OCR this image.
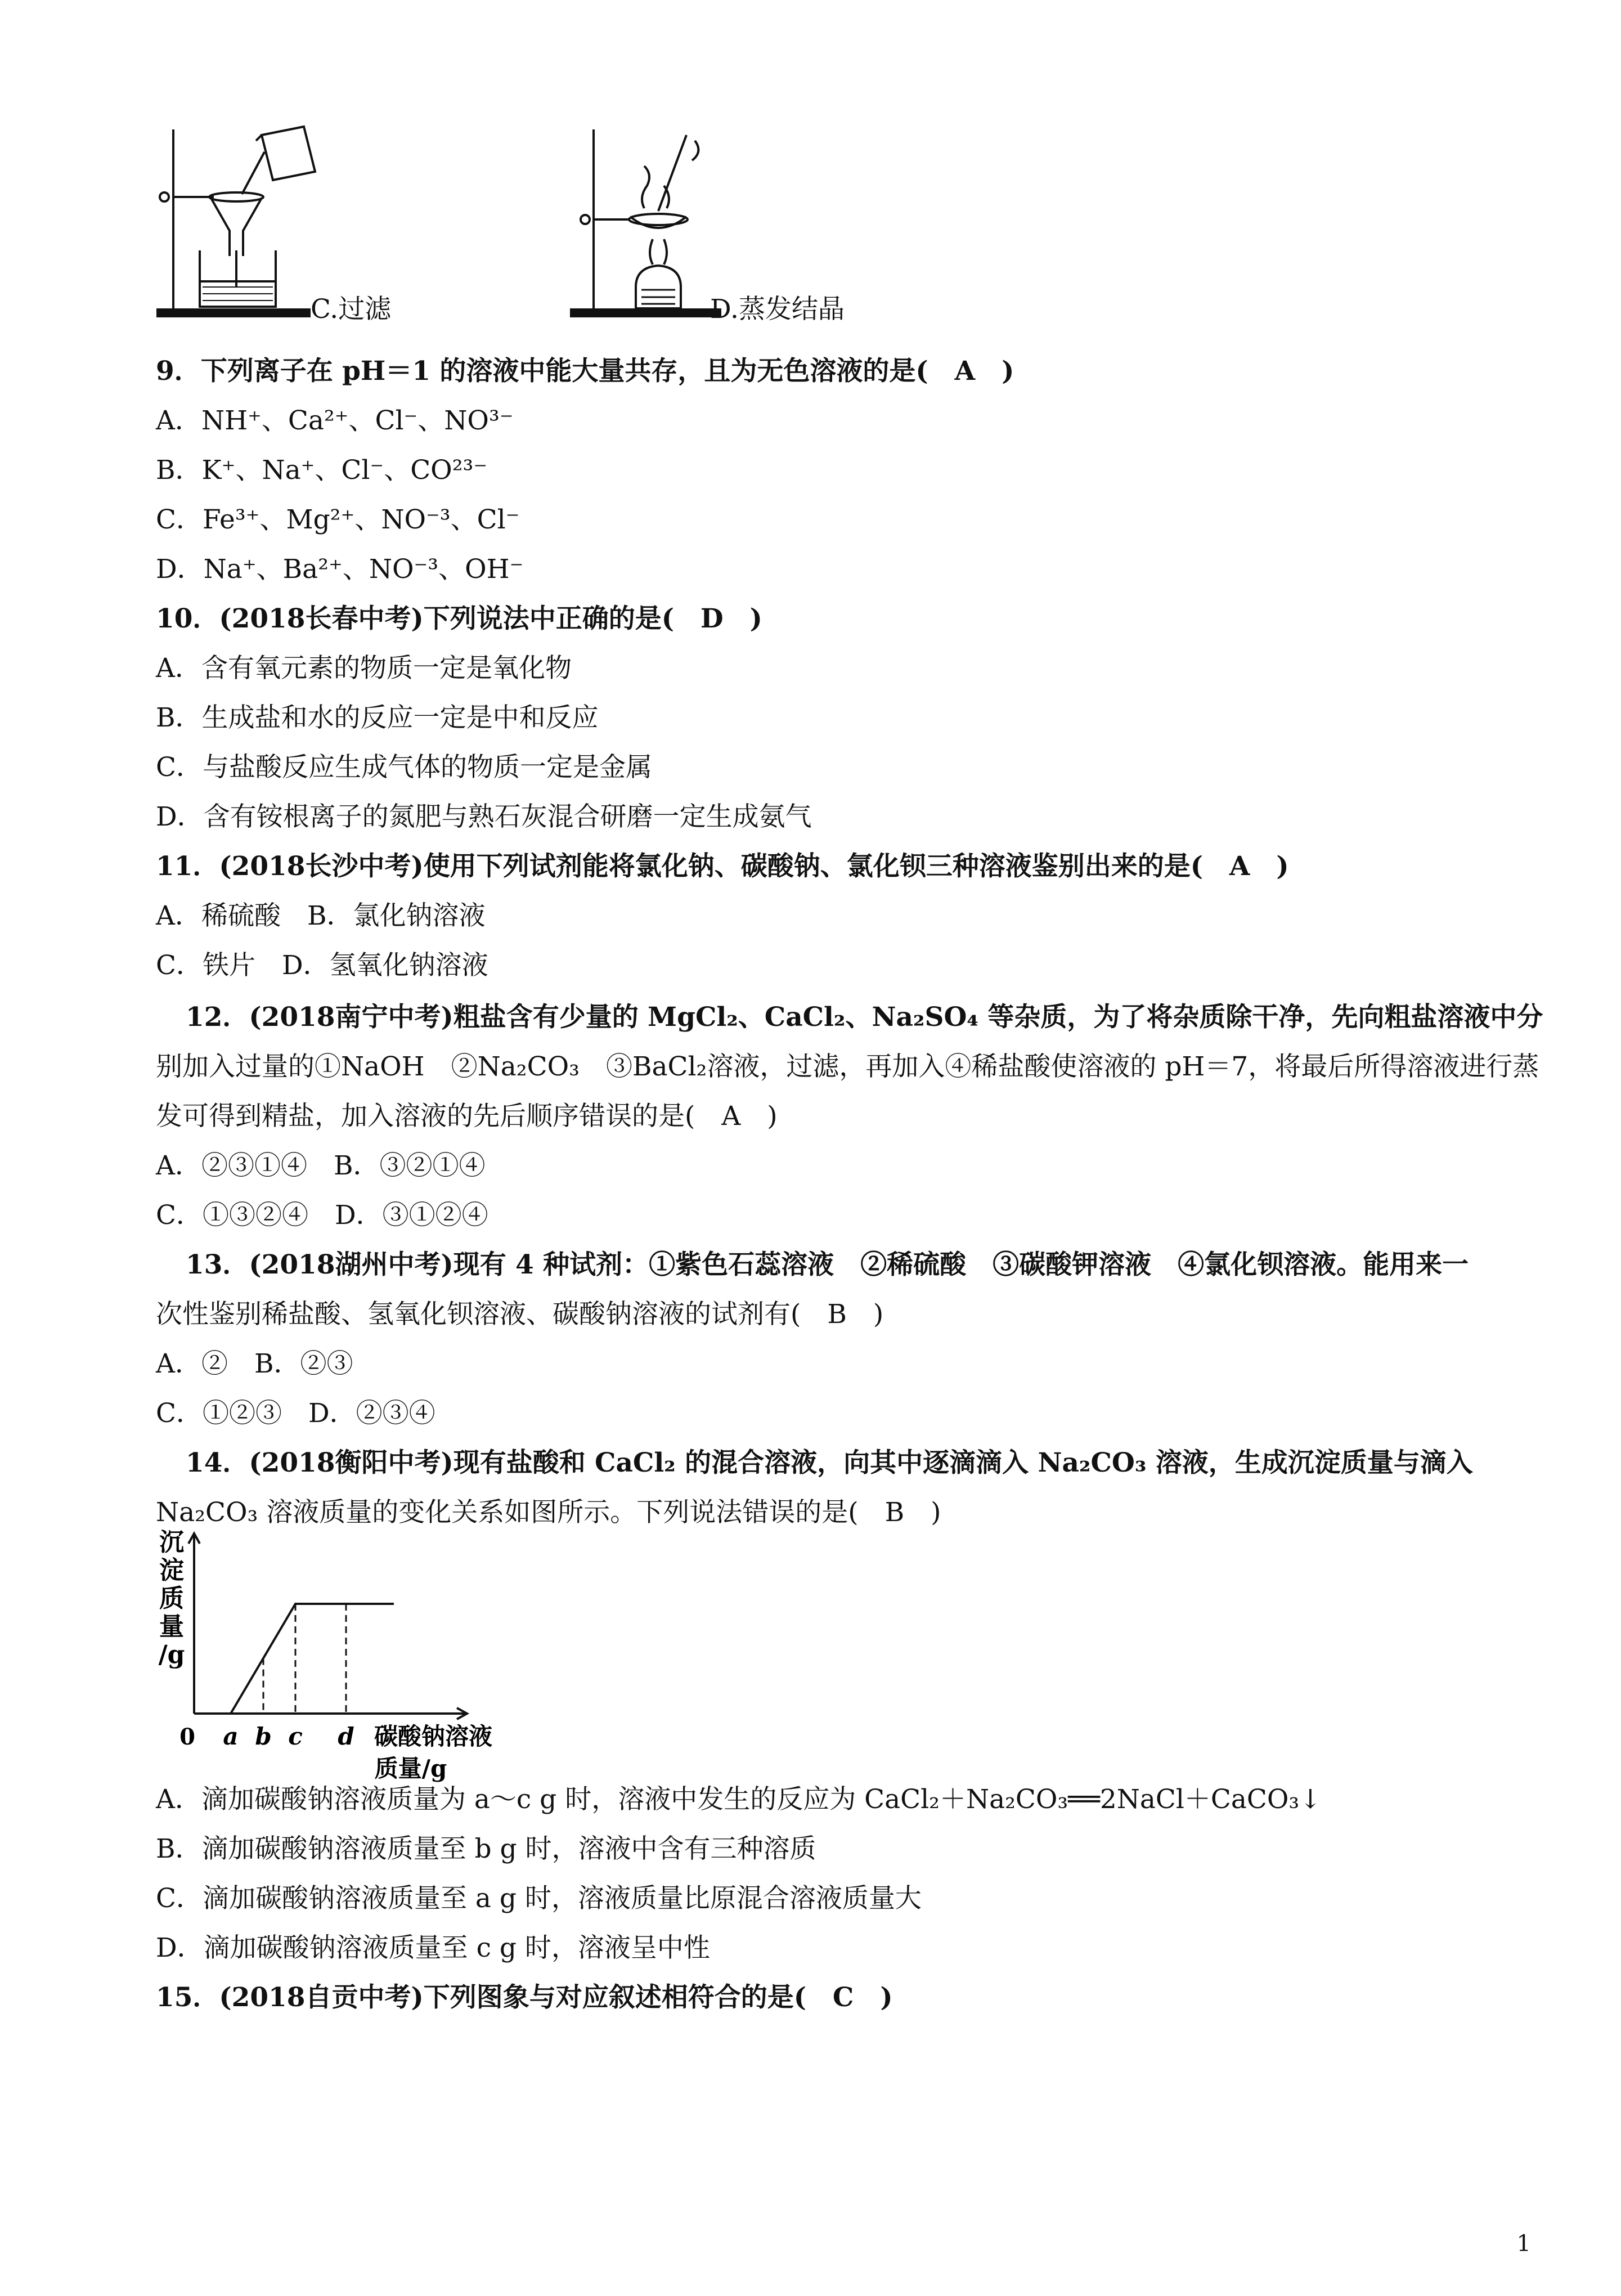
C.过滤	D.蒸发结晶
9．下列离子在 pH＝1 的溶液中能大量共存，且为无色溶液的是(　A　)
A．NH⁺、Ca²⁺、Cl⁻、NO³⁻
B．K⁺、Na⁺、Cl⁻、CO²³⁻
C．Fe³⁺、Mg²⁺、NO⁻³、Cl⁻
D．Na⁺、Ba²⁺、NO⁻³、OH⁻
10．(2018长春中考)下列说法中正确的是(　D　)
A．含有氧元素的物质一定是氧化物
B．生成盐和水的反应一定是中和反应
C．与盐酸反应生成气体的物质一定是金属
D．含有铵根离子的氮肥与熟石灰混合研磨一定生成氨气
11．(2018长沙中考)使用下列试剂能将氯化钠、碳酸钠、氯化钡三种溶液鉴别出来的是(　A　)
A．稀硫酸　B．氯化钠溶液
C．铁片　D．氢氧化钠溶液
12．(2018南宁中考)粗盐含有少量的 MgCl₂、CaCl₂、Na₂SO₄ 等杂质，为了将杂质除干净，先向粗盐溶液中分
别加入过量的①NaOH　②Na₂CO₃　③BaCl₂溶液，过滤，再加入④稀盐酸使溶液的 pH＝7，将最后所得溶液进行蒸
发可得到精盐，加入溶液的先后顺序错误的是(　A　)
A．②③①④　B．③②①④
C．①③②④　D．③①②④
13．(2018湖州中考)现有 4 种试剂：①紫色石蕊溶液　②稀硫酸　③碳酸钾溶液　④氯化钡溶液。能用来一
次性鉴别稀盐酸、氢氧化钡溶液、碳酸钠溶液的试剂有(　B　)
A．②　B．②③
C．①②③　D．②③④
14．(2018衡阳中考)现有盐酸和 CaCl₂ 的混合溶液，向其中逐滴滴入 Na₂CO₃ 溶液，生成沉淀质量与滴入
Na₂CO₃ 溶液质量的变化关系如图所示。下列说法错误的是(　B　)
沉
淀
质
量
/g
0 a b c d 碳酸钠溶液
质量/g
A．滴加碳酸钠溶液质量为 a～c g 时，溶液中发生的反应为 CaCl₂＋Na₂CO₃══2NaCl＋CaCO₃↓
B．滴加碳酸钠溶液质量至 b g 时，溶液中含有三种溶质
C．滴加碳酸钠溶液质量至 a g 时，溶液质量比原混合溶液质量大
D．滴加碳酸钠溶液质量至 c g 时，溶液呈中性
15．(2018自贡中考)下列图象与对应叙述相符合的是(　C　)
1
